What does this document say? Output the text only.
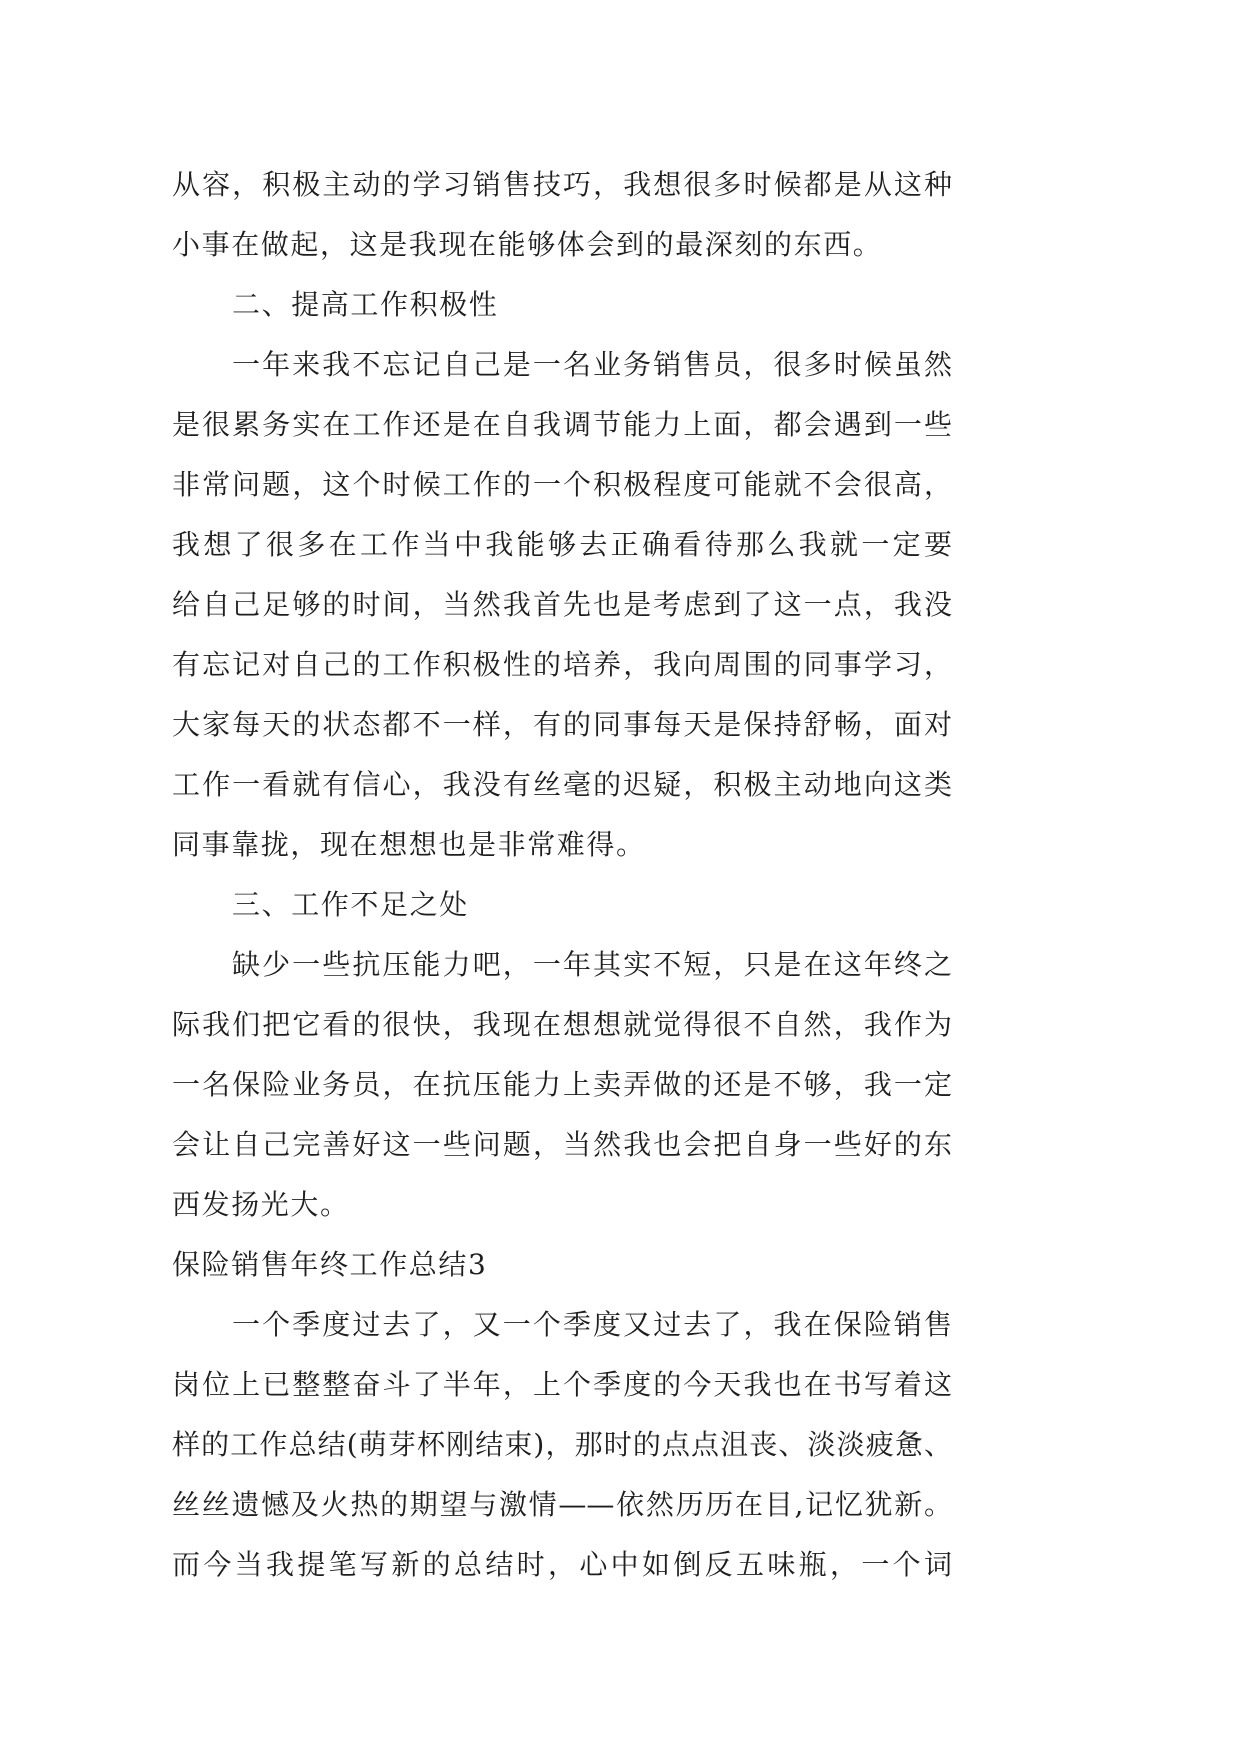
从容，积极主动的学习销售技巧，我想很多时候都是从这种
小事在做起，这是我现在能够体会到的最深刻的东西。
二、提高工作积极性
一年来我不忘记自己是一名业务销售员，很多时候虽然
是很累务实在工作还是在自我调节能力上面，都会遇到一些
非常问题，这个时候工作的一个积极程度可能就不会很高，
我想了很多在工作当中我能够去正确看待那么我就一定要
给自己足够的时间，当然我首先也是考虑到了这一点，我没
有忘记对自己的工作积极性的培养，我向周围的同事学习，
大家每天的状态都不一样，有的同事每天是保持舒畅，面对
工作一看就有信心，我没有丝毫的迟疑，积极主动地向这类
同事靠拢，现在想想也是非常难得。
三、工作不足之处
缺少一些抗压能力吧，一年其实不短，只是在这年终之
际我们把它看的很快，我现在想想就觉得很不自然，我作为
一名保险业务员，在抗压能力上卖弄做的还是不够，我一定
会让自己完善好这一些问题，当然我也会把自身一些好的东
西发扬光大。
保险销售年终工作总结3
一个季度过去了，又一个季度又过去了，我在保险销售
岗位上已整整奋斗了半年，上个季度的今天我也在书写着这
样的工作总结(萌芽杯刚结束)，那时的点点沮丧、淡淡疲惫、
丝丝遗憾及火热的期望与激情——依然历历在目,记忆犹新。
而今当我提笔写新的总结时，心中如倒反五味瓶，一个词
